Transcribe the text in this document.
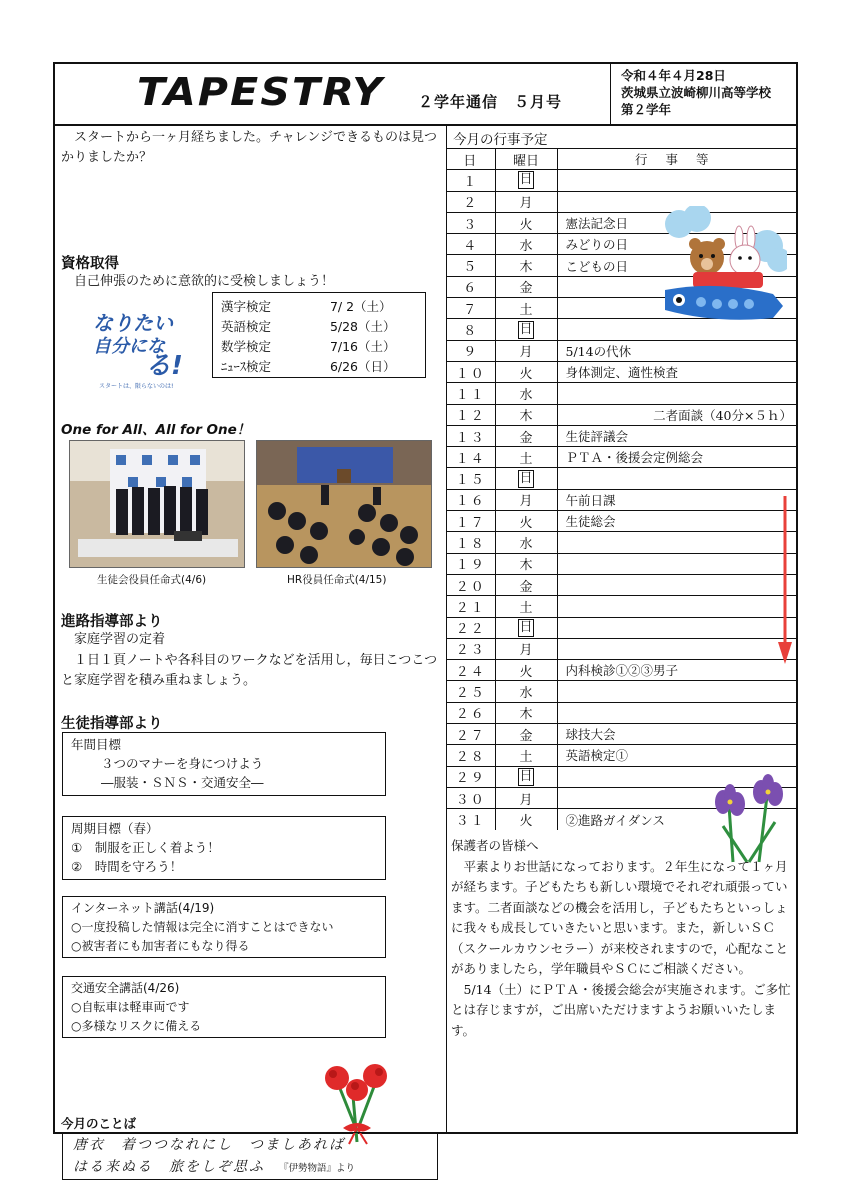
TAPESTRY ２学年通信　５月号
令和４年４月28日
茨城県立波崎柳川高等学校
第２学年
　スタートから一ヶ月経ちました。チャレンジできるものは見つかりましたか？
資格取得
　自己伸張のために意欲的に受検しましょう！
なりたい
自分にな
る!
スタートは、限らないのは!
漢字検定	7/ 2（土）
英語検定	5/28（土）
数学検定	7/16（土）
ﾆｭｰｽ検定	6/26（日）
One for All、All for One！
生徒会役員任命式(4/6)	HR役員任命式(4/15)
進路指導部より
　家庭学習の定着
　１日１頁ノートや各科目のワークなどを活用し，毎日こつこつと家庭学習を積み重ねましょう。
生徒指導部より
年間目標
３つのマナーを身につけよう
―服装・ＳＮＳ・交通安全―
周期目標（春）
①　制服を正しく着よう！
②　時間を守ろう！
インターネット講話(4/19)
○一度投稿した情報は完全に消すことはできない
○被害者にも加害者にもなり得る
交通安全講話(4/26)
○自転車は軽車両です
○多様なリスクに備える
今月のことば
唐衣　着つつなれにし　つましあれば
はる来ぬる　旅をしぞ思ふ 『伊勢物語』より
今月の行事予定
日	曜日	行事等
１	日	
２	月	
３	火	憲法記念日
４	水	みどりの日
５	木	こどもの日
６	金	
７	土	
８	日	
９	月	5/14の代休
１０	火	身体測定、適性検査
１１	水	
１２	木	二者面談（40分×５ｈ）
１３	金	生徒評議会
１４	土	ＰＴＡ・後援会定例総会
１５	日	
１６	月	午前日課
１７	火	生徒総会
１８	水	
１９	木	
２０	金	
２１	土	
２２	日	
２３	月	
２４	火	内科検診①②③男子
２５	水	
２６	木	
２７	金	球技大会
２８	土	英語検定①
２９	日	
３０	月	
３１	火	②進路ガイダンス
保護者の皆様へ
　平素よりお世話になっております。２年生になって１ヶ月が経ちます。子どもたちも新しい環境でそれぞれ頑張っています。二者面談などの機会を活用し，子どもたちといっしょに我々も成長していきたいと思います。また，新しいＳＣ（スクールカウンセラー）が来校されますので，心配なことがありましたら，学年職員やＳＣにご相談ください。
　5/14（土）にＰＴＡ・後援会総会が実施されます。ご多忙とは存じますが，ご出席いただけますようお願いいたします。
